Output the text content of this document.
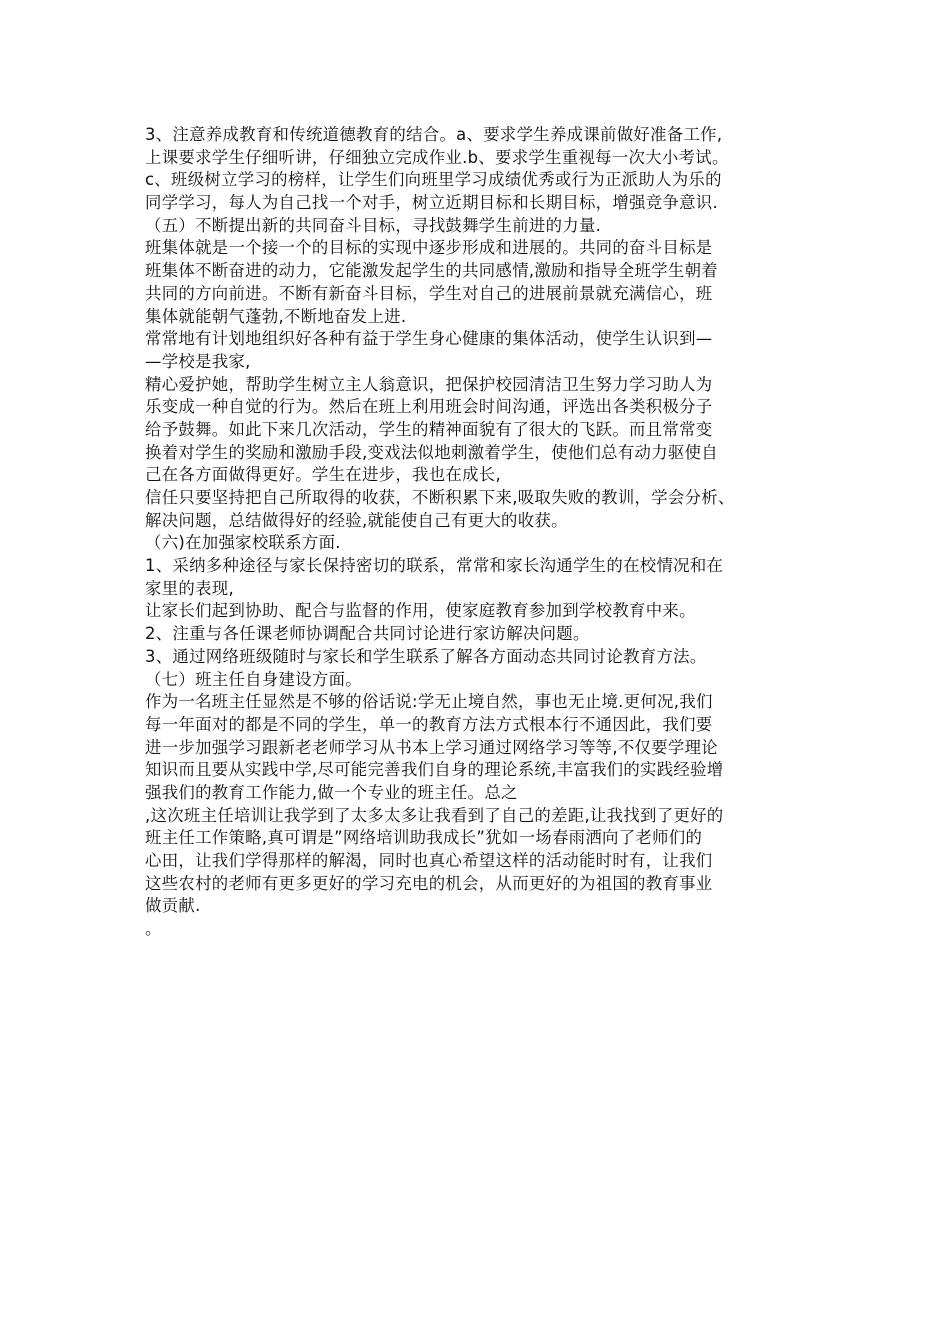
3、注意养成教育和传统道德教育的结合。a、要求学生养成课前做好准备工作,
上课要求学生仔细听讲，仔细独立完成作业.b、要求学生重视每一次大小考试。
c、班级树立学习的榜样，让学生们向班里学习成绩优秀或行为正派助人为乐的
同学学习，每人为自己找一个对手，树立近期目标和长期目标，增强竞争意识.
（五）不断提出新的共同奋斗目标，寻找鼓舞学生前进的力量.
班集体就是一个接一个的目标的实现中逐步形成和进展的。共同的奋斗目标是
班集体不断奋进的动力，它能激发起学生的共同感情,激励和指导全班学生朝着
共同的方向前进。不断有新奋斗目标，学生对自己的进展前景就充满信心，班
集体就能朝气蓬勃,不断地奋发上进.
常常地有计划地组织好各种有益于学生身心健康的集体活动，使学生认识到—
—学校是我家,
精心爱护她，帮助学生树立主人翁意识，把保护校园清洁卫生努力学习助人为
乐变成一种自觉的行为。然后在班上利用班会时间沟通，评选出各类积极分子
给予鼓舞。如此下来几次活动，学生的精神面貌有了很大的飞跃。而且常常变
换着对学生的奖励和激励手段,变戏法似地刺激着学生，使他们总有动力驱使自
己在各方面做得更好。学生在进步，我也在成长,
信任只要坚持把自己所取得的收获，不断积累下来,吸取失败的教训，学会分析、
解决问题，总结做得好的经验,就能使自己有更大的收获。
（六)在加强家校联系方面.
1、采纳多种途径与家长保持密切的联系，常常和家长沟通学生的在校情况和在
家里的表现,
让家长们起到协助、配合与监督的作用，使家庭教育参加到学校教育中来。
2、注重与各任课老师协调配合共同讨论进行家访解决问题。
3、通过网络班级随时与家长和学生联系了解各方面动态共同讨论教育方法。
（七）班主任自身建设方面。
作为一名班主任显然是不够的俗话说:学无止境自然，事也无止境.更何况,我们
每一年面对的都是不同的学生，单一的教育方法方式根本行不通因此，我们要
进一步加强学习跟新老老师学习从书本上学习通过网络学习等等,不仅要学理论
知识而且要从实践中学,尽可能完善我们自身的理论系统,丰富我们的实践经验增
强我们的教育工作能力,做一个专业的班主任。总之
,这次班主任培训让我学到了太多太多让我看到了自己的差距,让我找到了更好的
班主任工作策略,真可谓是”网络培训助我成长”犹如一场春雨洒向了老师们的
心田，让我们学得那样的解渴，同时也真心希望这样的活动能时时有，让我们
这些农村的老师有更多更好的学习充电的机会，从而更好的为祖国的教育事业
做贡献.
。
